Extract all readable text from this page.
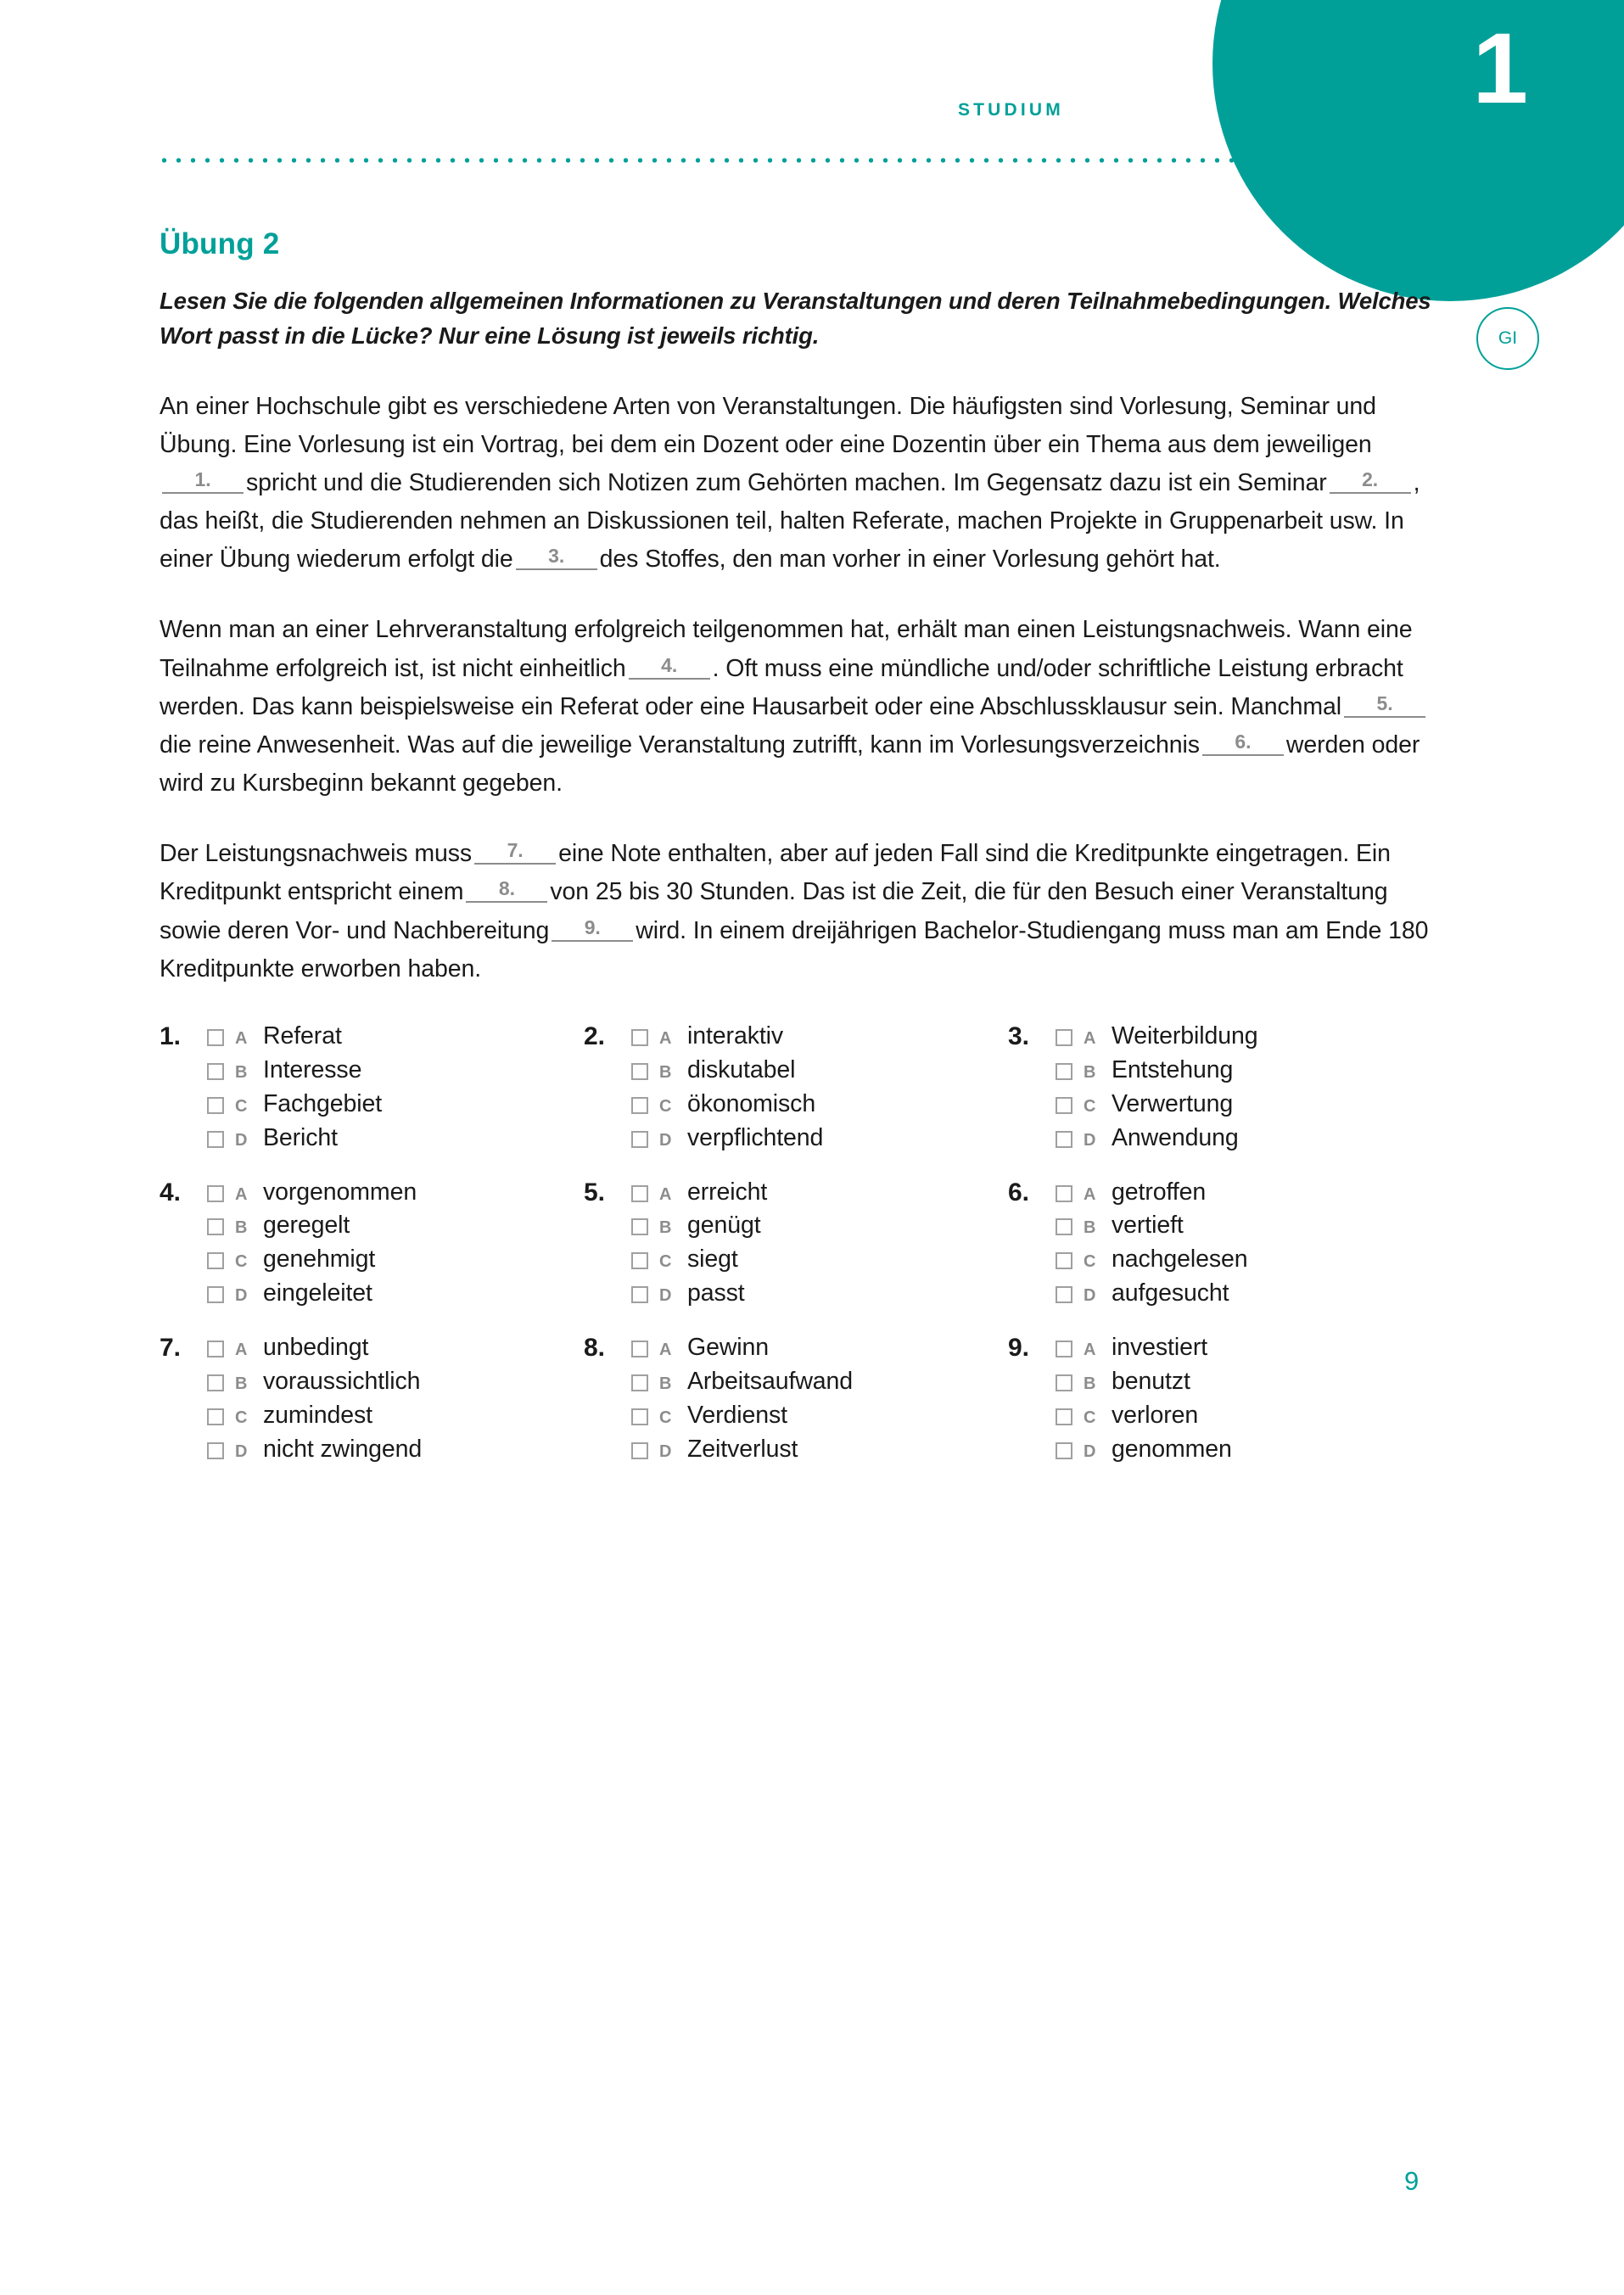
1
STUDIUM
Test
DaF
GI
Übung 2

Lesen Sie die folgenden allgemeinen Informationen zu Veranstaltungen und deren Teilnahmebedingungen. Welches Wort passt in die Lücke? Nur eine Lösung ist jeweils richtig.

An einer Hochschule gibt es verschiedene Arten von Veranstaltungen. Die häufigsten sind Vorlesung, Seminar und Übung. Eine Vorlesung ist ein Vortrag, bei dem ein Dozent oder eine Dozentin über ein Thema aus dem jeweiligen1. spricht und die Studierenden sich Notizen zum Gehörten machen. Im Gegensatz dazu ist ein Seminar 2. , das heißt, die Studierenden nehmen an Diskussionen teil, halten Referate, machen Projekte in Gruppenarbeit usw. In einer Übung wiederum erfolgt die 3. des Stoffes, den man vorher in einer Vorlesung gehört hat.

Wenn man an einer Lehrveranstaltung erfolgreich teilgenommen hat, erhält man einen Leistungsnachweis. Wann eine Teilnahme erfolgreich ist, ist nicht einheitlich 4. . Oft muss eine mündliche und/oder schriftliche Leistung erbracht werden. Das kann beispielsweise ein Referat oder eine Hausarbeit oder eine Abschlussklausur sein. Manchmal 5.die reine Anwesenheit. Was auf die jeweilige Veranstaltung zutrifft, kann im Vorlesungsverzeichnis 6. werden oder wird zu Kursbeginn bekannt gegeben.

Der Leistungsnachweis muss 7. eine Note enthalten, aber auf jeden Fall sind die Kreditpunkte eingetragen. Ein Kreditpunkt entspricht einem 8. von 25 bis 30 Stunden. Das ist die Zeit, die für den Besuch einer Veranstaltung sowie deren Vor- und Nachbereitung 9. wird. In einem dreijährigen Bachelor-Studiengang muss man am Ende 180 Kreditpunkte erworben haben.

1.	A Referat
B Interesse
C Fachgebiet
D Bericht
2.	A interaktiv
B diskutabel
C ökonomisch
D verpflichtend
3.	A Weiterbildung
B Entstehung
C Verwertung
D Anwendung
4.	A vorgenommen
B geregelt
C genehmigt
D eingeleitet
5.	A erreicht
B genügt
C siegt
D passt
6.	A getroffen
B vertieft
C nachgelesen
D aufgesucht
7.	A unbedingt
B voraussichtlich
C zumindest
D nicht zwingend
8.	A Gewinn
B Arbeitsaufwand
C Verdienst
D Zeitverlust
9.	A investiert
B benutzt
C verloren
D genommen
9
